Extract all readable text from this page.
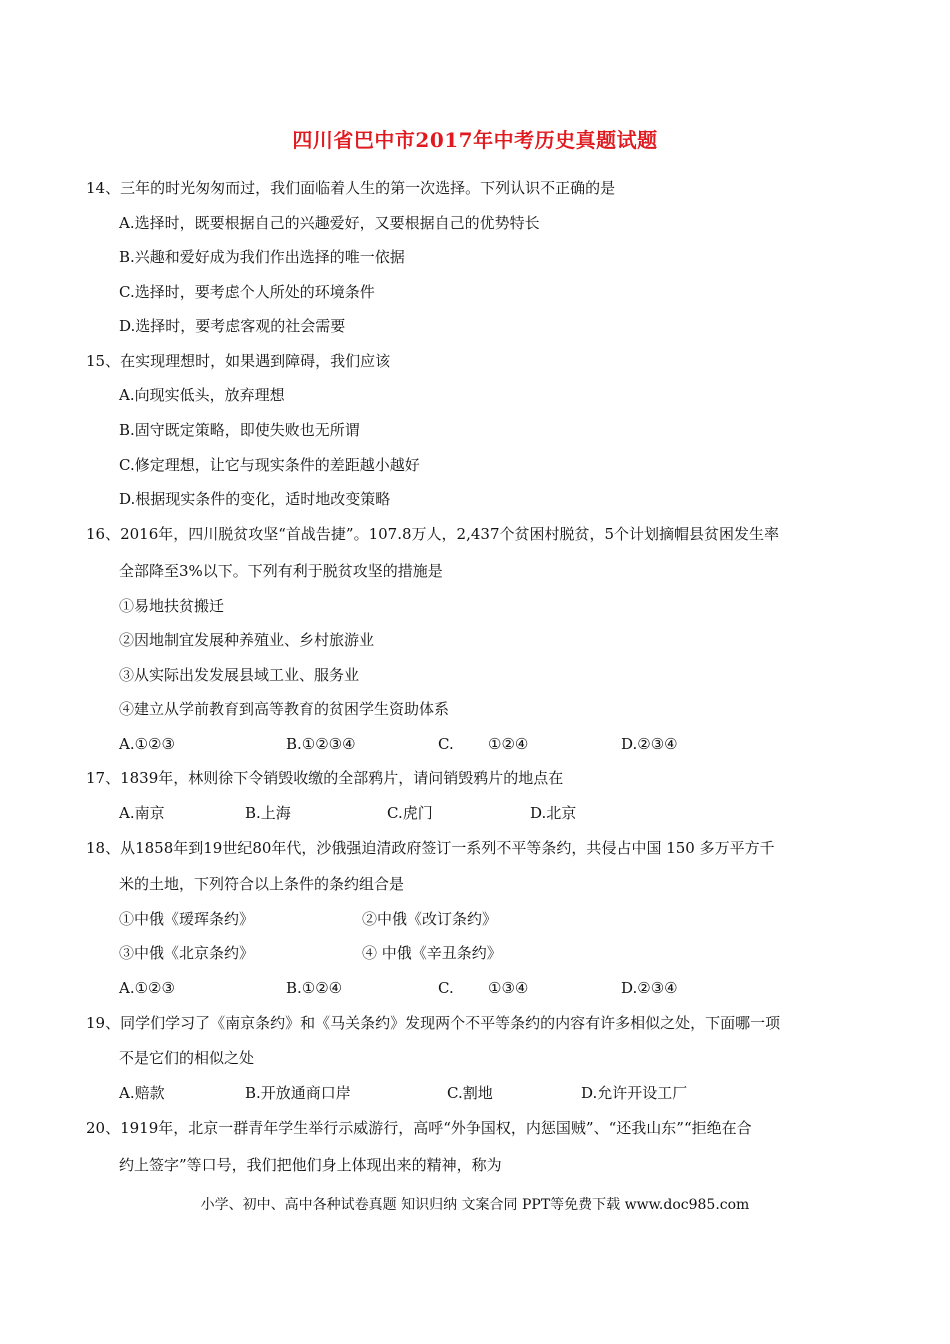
四川省巴中市2017年中考历史真题试题
14、三年的时光匆匆而过，我们面临着人生的第一次选择。下列认识不正确的是
A.选择时，既要根据自己的兴趣爱好，又要根据自己的优势特长
B.兴趣和爱好成为我们作出选择的唯一依据
C.选择时，要考虑个人所处的环境条件
D.选择时，要考虑客观的社会需要
15、在实现理想时，如果遇到障碍，我们应该
A.向现实低头，放弃理想
B.固守既定策略，即使失败也无所谓
C.修定理想，让它与现实条件的差距越小越好
D.根据现实条件的变化，适时地改变策略
16、2016年，四川脱贫攻坚“首战告捷”。107.8万人，2,437个贫困村脱贫，5个计划摘帽县贫困发生率
全部降至3%以下。下列有利于脱贫攻坚的措施是
①易地扶贫搬迁
②因地制宜发展种养殖业、乡村旅游业
③从实际出发发展县域工业、服务业
④建立从学前教育到高等教育的贫困学生资助体系
A.①②③	B.①②③④	C. ①②④	D.②③④
17、1839年，林则徐下令销毁收缴的全部鸦片，请问销毁鸦片的地点在
A.南京	B.上海	C.虎门	D.北京
18、从1858年到19世纪80年代，沙俄强迫清政府签订一系列不平等条约，共侵占中国 150 多万平方千
米的土地，下列符合以上条件的条约组合是
①中俄《瑷珲条约》	②中俄《改订条约》
③中俄《北京条约》	④ 中俄《辛丑条约》
A.①②③	B.①②④	C. ①③④	D.②③④
19、同学们学习了《南京条约》和《马关条约》发现两个不平等条约的内容有许多相似之处，下面哪一项
不是它们的相似之处
A.赔款	B.开放通商口岸	C.割地	D.允许开设工厂
20、1919年，北京一群青年学生举行示威游行，高呼“外争国权，内惩国贼”、“还我山东”“拒绝在合
约上签字”等口号，我们把他们身上体现出来的精神，称为
小学、初中、高中各种试卷真题 知识归纳 文案合同 PPT等免费下载 www.doc985.com
